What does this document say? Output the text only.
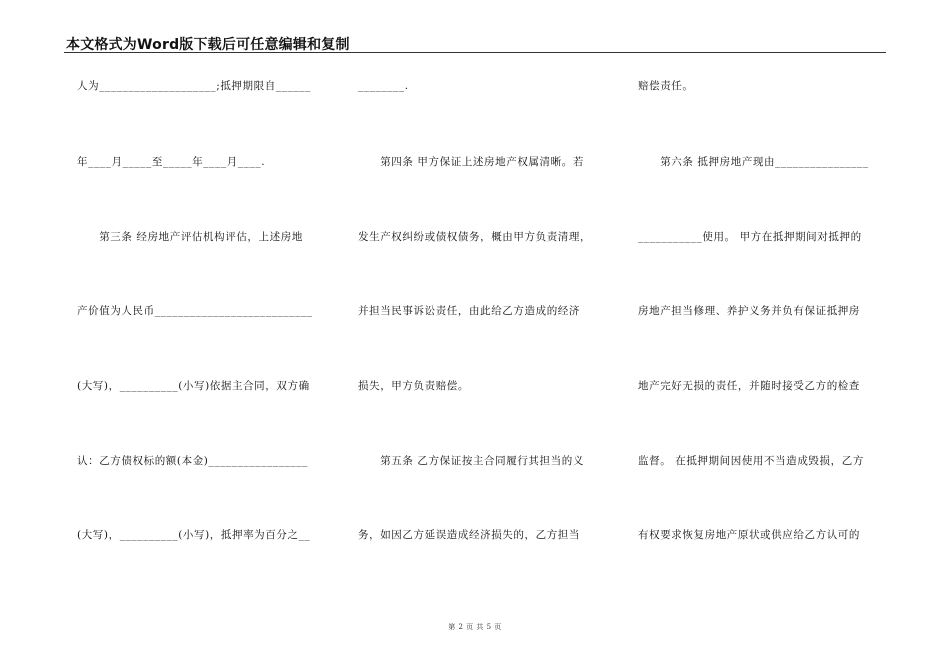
本文格式为Word版下载后可任意编辑和复制
人为____________________;抵押期限自______
年____月_____至_____年____月____.
　　第三条 经房地产评估机构评估，上述房地
产价值为人民币___________________________
(大写)，__________(小写)依据主合同，双方确
认：乙方债权标的额(本金)_________________
(大写)，__________(小写)，抵押率为百分之__
________.
　　第四条 甲方保证上述房地产权属清晰。若
发生产权纠纷或债权债务，概由甲方负责清理，
并担当民事诉讼责任，由此给乙方造成的经济
损失，甲方负责赔偿。
　　第五条 乙方保证按主合同履行其担当的义
务，如因乙方延误造成经济损失的，乙方担当
赔偿责任。
　　第六条 抵押房地产现由________________
___________使用。 甲方在抵押期间对抵押的
房地产担当修理、养护义务并负有保证抵押房
地产完好无损的责任，并随时接受乙方的检查
监督。 在抵押期间因使用不当造成毁损，乙方
有权要求恢复房地产原状或供应给乙方认可的
第 2 页 共 5 页
